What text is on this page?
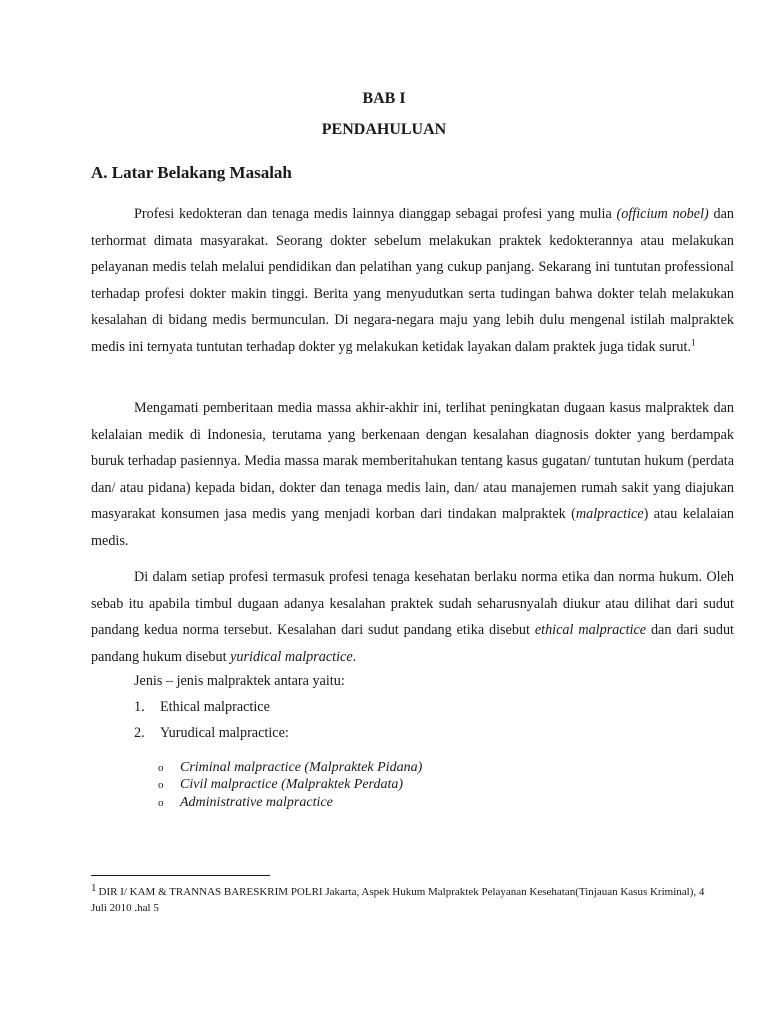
BAB I
PENDAHULUAN
A. Latar Belakang Masalah

Profesi kedokteran dan tenaga medis lainnya dianggap sebagai profesi yang mulia (officium nobel) dan terhormat dimata masyarakat. Seorang dokter sebelum melakukan praktek kedokterannya atau melakukan pelayanan medis telah melalui pendidikan dan pelatihan yang cukup panjang. Sekarang ini tuntutan professional terhadap profesi dokter makin tinggi. Berita yang menyudutkan serta tudingan bahwa dokter telah melakukan kesalahan di bidang medis bermunculan. Di negara-negara maju yang lebih dulu mengenal istilah malpraktek medis ini ternyata tuntutan terhadap dokter yg melakukan ketidak layakan dalam praktek juga tidak surut.$^1$

Mengamati pemberitaan media massa akhir-akhir ini, terlihat peningkatan dugaan kasus malpraktek dan kelalaian medik di Indonesia, terutama yang berkenaan dengan kesalahan diagnosis dokter yang berdampak buruk terhadap pasiennya. Media massa marak memberitahukan tentang kasus gugatan/ tuntutan hukum (perdata dan/ atau pidana) kepada bidan, dokter dan tenaga medis lain, dan/ atau manajemen rumah sakit yang diajukan masyarakat konsumen jasa medis yang menjadi korban dari tindakan malpraktek (malpractice) atau kelalaian medis.

Di dalam setiap profesi termasuk profesi tenaga kesehatan berlaku norma etika dan norma hukum. Oleh sebab itu apabila timbul dugaan adanya kesalahan praktek sudah seharusnyalah diukur atau dilihat dari sudut pandang kedua norma tersebut. Kesalahan dari sudut pandang etika disebut ethical malpractice dan dari sudut pandang hukum disebut yuridical malpractice.

Jenis – jenis malpraktek antara yaitu:
1. Ethical malpractice
2. Yurudical malpractice:
o Criminal malpractice (Malpraktek Pidana)
o Civil malpractice (Malpraktek Perdata)
o Administrative malpractice
$^1$ DIR I/ KAM & TRANNAS BARESKRIM POLRI Jakarta, Aspek Hukum Malpraktek Pelayanan Kesehatan(Tinjauan Kasus Kriminal), 4
Juli 2010 .hal 5
